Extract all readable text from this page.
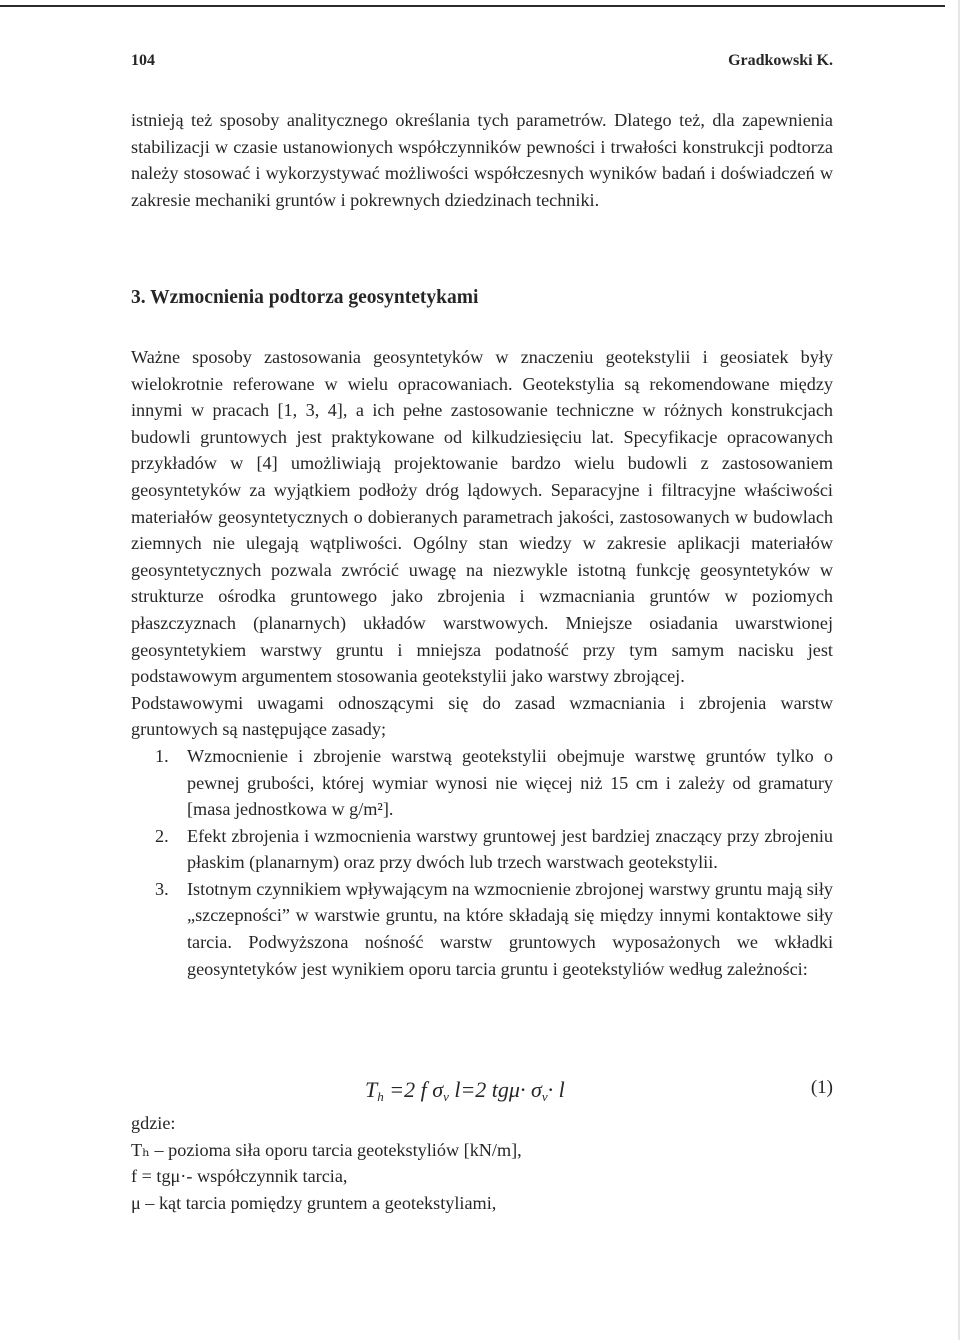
104	Gradkowski K.

istnieją też sposoby analitycznego określania tych parametrów. Dlatego też, dla zapewnienia stabilizacji w czasie ustanowionych współczynników pewności i trwałości konstrukcji podtorza należy stosować i wykorzystywać możliwości współczesnych wyników badań i doświadczeń w zakresie mechaniki gruntów i pokrewnych dziedzinach techniki.

3. Wzmocnienia podtorza geosyntetykami

Ważne sposoby zastosowania geosyntetyków w znaczeniu geotekstylii i geosiatek były wielokrotnie referowane w wielu opracowaniach. Geotekstylia są rekomendowane między innymi w pracach [1, 3, 4], a ich pełne zastosowanie techniczne w różnych konstrukcjach budowli gruntowych jest praktykowane od kilkudziesięciu lat. Specyfikacje opracowanych przykładów w [4] umożliwiają projektowanie bardzo wielu budowli z zastosowaniem geosyntetyków za wyjątkiem podłoży dróg lądowych. Separacyjne i filtracyjne właściwości materiałów geosyntetycznych o dobieranych parametrach jakości, zastosowanych w budowlach ziemnych nie ulegają wątpliwości. Ogólny stan wiedzy w zakresie aplikacji materiałów geosyntetycznych pozwala zwrócić uwagę na niezwykle istotną funkcję geosyntetyków w strukturze ośrodka gruntowego jako zbrojenia i wzmacniania gruntów w poziomych płaszczyznach (planarnych) układów warstwowych. Mniejsze osiadania uwarstwionej geosyntetykiem warstwy gruntu i mniejsza podatność przy tym samym nacisku jest podstawowym argumentem stosowania geotekstylii jako warstwy zbrojącej.

Podstawowymi uwagami odnoszącymi się do zasad wzmacniania i zbrojenia warstw gruntowych są następujące zasady;

1. Wzmocnienie i zbrojenie warstwą geotekstylii obejmuje warstwę gruntów tylko o pewnej grubości, której wymiar wynosi nie więcej niż 15 cm i zależy od gramatury [masa jednostkowa w g/m²].
2. Efekt zbrojenia i wzmocnienia warstwy gruntowej jest bardziej znaczący przy zbrojeniu płaskim (planarnym) oraz przy dwóch lub trzech warstwach geotekstylii.
3. Istotnym czynnikiem wpływającym na wzmocnienie zbrojonej warstwy gruntu mają siły „szczepności” w warstwie gruntu, na które składają się między innymi kontaktowe siły tarcia. Podwyższona nośność warstw gruntowych wyposażonych we wkładki geosyntetyków jest wynikiem oporu tarcia gruntu i geotekstyliów według zależności:
$T_h =2$ f $\sigma_v$ l=2 $tg\mu\cdot \sigma_v\cdot l$	(1)
gdzie:
Tₕ – pozioma siła oporu tarcia geotekstyliów [kN/m],
f = tgμ·- współczynnik tarcia,
μ – kąt tarcia pomiędzy gruntem a geotekstyliami,
